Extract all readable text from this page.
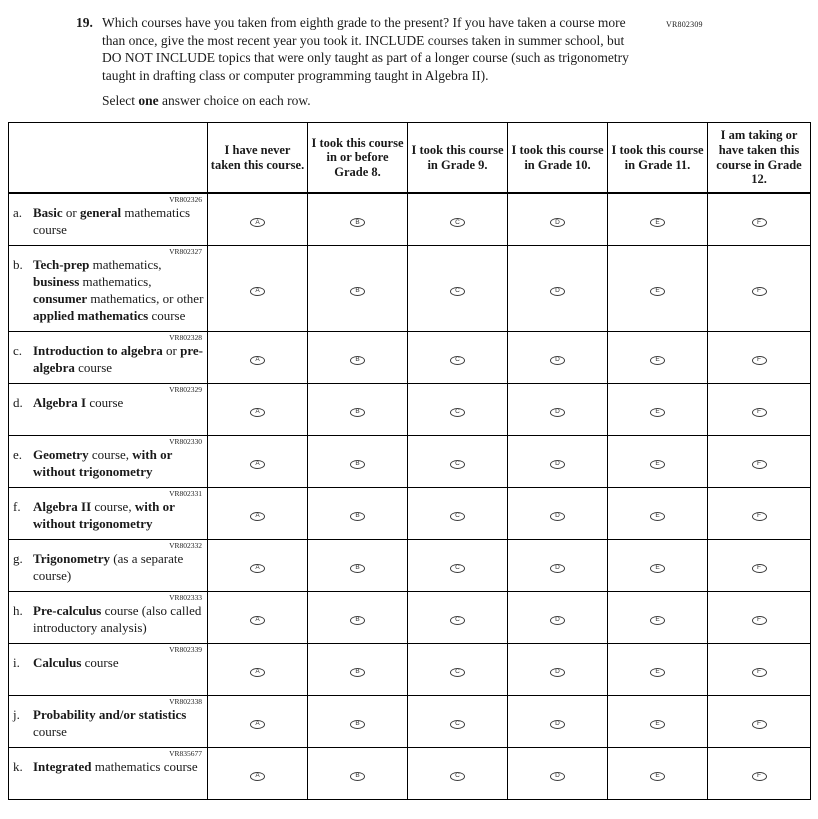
VR802309
19. Which courses have you taken from eighth grade to the present? If you have taken a course more than once, give the most recent year you took it. INCLUDE courses taken in summer school, but DO NOT INCLUDE topics that were only taught as part of a longer course (such as trigonometry taught in drafting class or computer programming taught in Algebra II).
Select one answer choice on each row.
	I have never taken this course.	I took this course in or before Grade 8.	I took this course in Grade 9.	I took this course in Grade 10.	I took this course in Grade 11.	I am taking or have taken this course in Grade 12.

VR802326
a. Basic or general mathematics course	A	B	C	D	E	F

VR802327
b. Tech-prep mathematics, business mathematics, consumer mathematics, or other applied mathematics course	A	B	C	D	E	F

VR802328
c. Introduction to algebra or pre-algebra course	A	B	C	D	E	F

VR802329
d. Algebra I course	A	B	C	D	E	F

VR802330
e. Geometry course, with or without trigonometry	A	B	C	D	E	F

VR802331
f. Algebra II course, with or without trigonometry	A	B	C	D	E	F

VR802332
g. Trigonometry (as a separate course)	A	B	C	D	E	F

VR802333
h. Pre-calculus course (also called introductory analysis)	A	B	C	D	E	F

VR802339
i. Calculus course	A	B	C	D	E	F

VR802338
j. Probability and/or statistics course	A	B	C	D	E	F

VR835677
k. Integrated mathematics course	A	B	C	D	E	F
